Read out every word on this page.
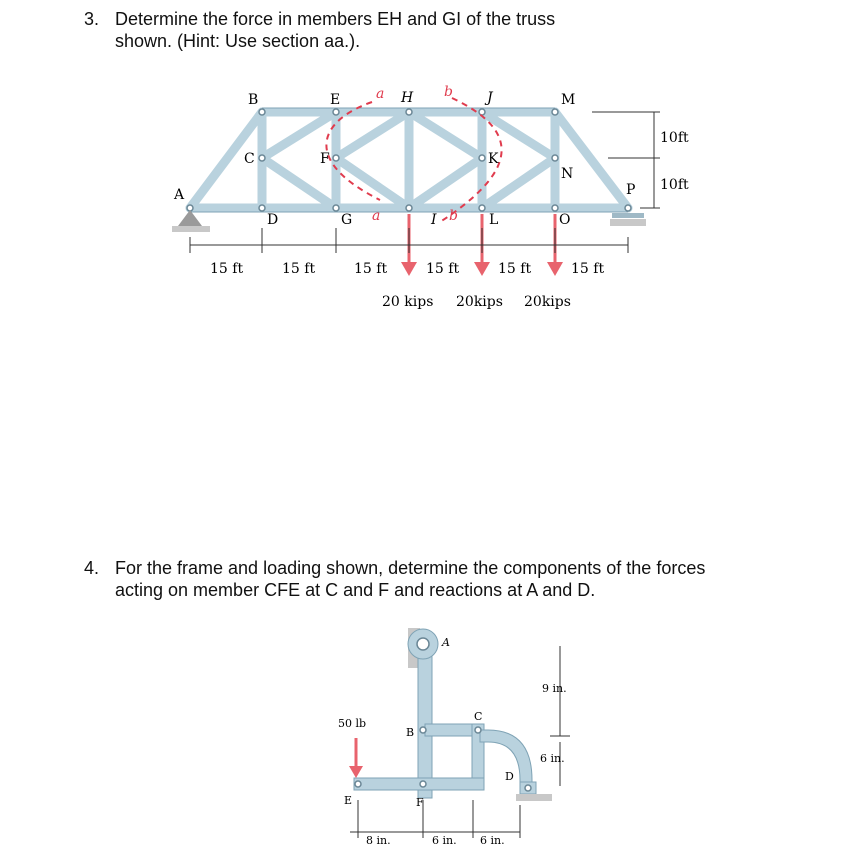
3. Determine the force in members EH and GI of the truss
shown. (Hint: Use section aa.).
A
B
C
D
E
F
G
H
I
J
K
L
M
N
O
P
a	b
a	b
15 ft	15 ft	15 ft	15 ft	15 ft	15 ft
10ft
10ft
20 kips 20kips 20kips
4. For the frame and loading shown, determine the components of the forces
acting on member CFE at C and F and reactions at A and D.
A
B
C
D
E	F
50 lb
9 in.
6 in.
8 in.	6 in. 6 in.
